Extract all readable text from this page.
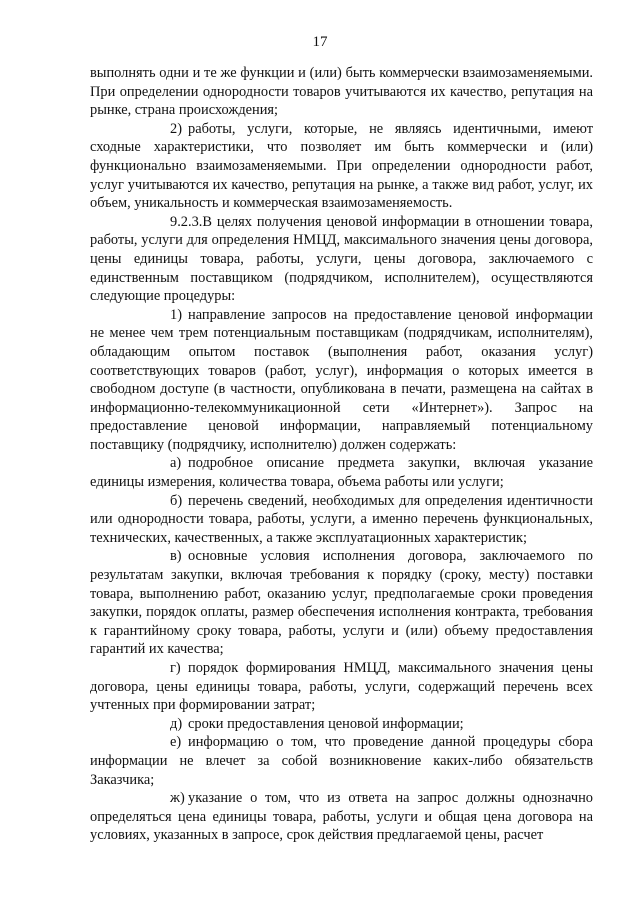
17

выполнять одни и те же функции и (или) быть коммерчески взаимозаменяемыми. При определении однородности товаров учитываются их качество, репутация на рынке, страна происхождения;

2) работы, услуги, которые, не являясь идентичными, имеют сходные характеристики, что позволяет им быть коммерчески и (или) функционально взаимозаменяемыми. При определении однородности работ, услуг учитываются их качество, репутация на рынке, а также вид работ, услуг, их объем, уникальность и коммерческая взаимозаменяемость.

9.2.3.В целях получения ценовой информации в отношении товара, работы, услуги для определения НМЦД, максимального значения цены договора, цены единицы товара, работы, услуги, цены договора, заключаемого с единственным поставщиком (подрядчиком, исполнителем), осуществляются следующие процедуры:

1) направление запросов на предоставление ценовой информации не менее чем трем потенциальным поставщикам (подрядчикам, исполнителям), обладающим опытом поставок (выполнения работ, оказания услуг) соответствующих товаров (работ, услуг), информация о которых имеется в свободном доступе (в частности, опубликована в печати, размещена на сайтах в информационно-телекоммуникационной сети «Интернет»). Запрос на предоставление ценовой информации, направляемый потенциальному поставщику (подрядчику, исполнителю) должен содержать:

а) подробное описание предмета закупки, включая указание единицы измерения, количества товара, объема работы или услуги;

б) перечень сведений, необходимых для определения идентичности или однородности товара, работы, услуги, а именно перечень функциональных, технических, качественных, а также эксплуатационных характеристик;

в) основные условия исполнения договора, заключаемого по результатам закупки, включая требования к порядку (сроку, месту) поставки товара, выполнению работ, оказанию услуг, предполагаемые сроки проведения закупки, порядок оплаты, размер обеспечения исполнения контракта, требования к гарантийному сроку товара, работы, услуги и (или) объему предоставления гарантий их качества;

г) порядок формирования НМЦД, максимального значения цены договора, цены единицы товара, работы, услуги, содержащий перечень всех учтенных при формировании затрат;

д) сроки предоставления ценовой информации;

е) информацию о том, что проведение данной процедуры сбора информации не влечет за собой возникновение каких-либо обязательств Заказчика;

ж) указание о том, что из ответа на запрос должны однозначно определяться цена единицы товара, работы, услуги и общая цена договора на условиях, указанных в запросе, срок действия предлагаемой цены, расчет
